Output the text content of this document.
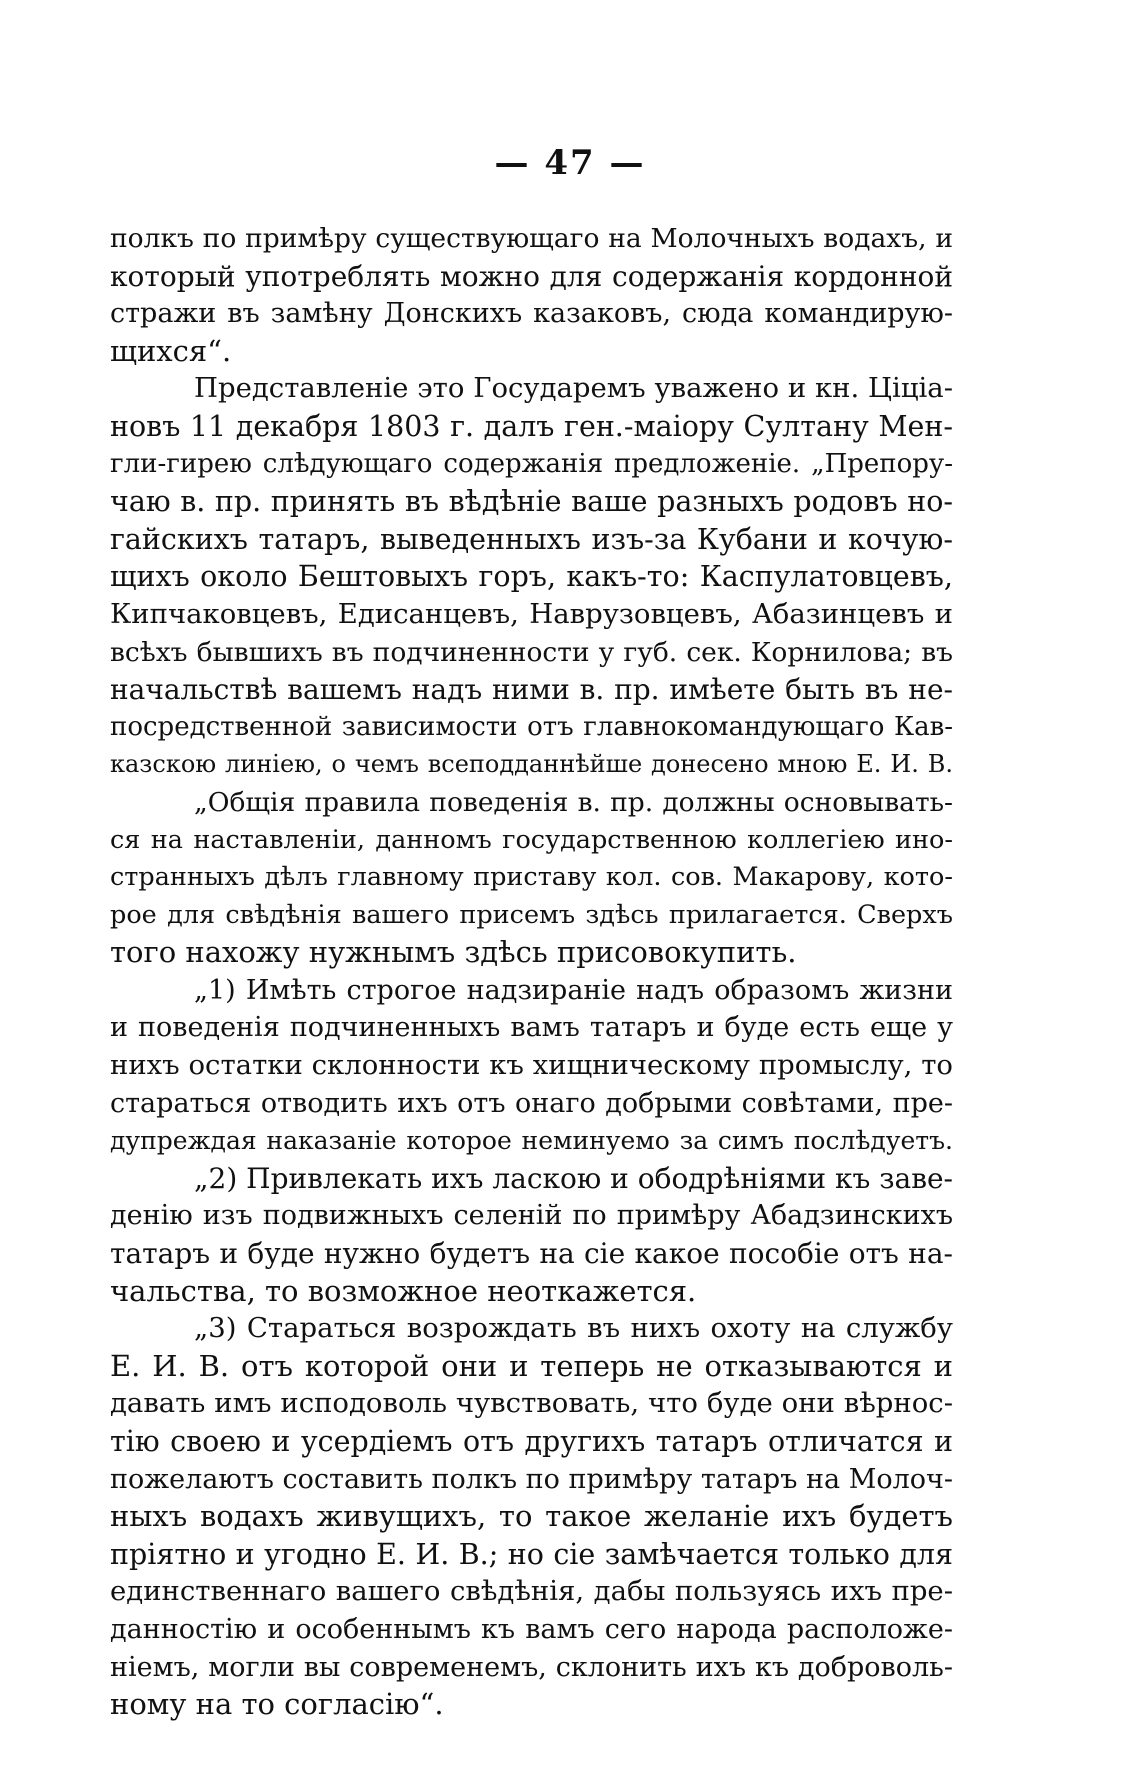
— 47 —
полкъ по примѣру существующаго на Молочныхъ водахъ, и
который употреблять можно для содержанія кордонной
стражи въ замѣну Донскихъ казаковъ, сюда командирую-
щихся“.
Представленіе это Государемъ уважено и кн. Ціціа-
новъ 11 декабря 1803 г. далъ ген.-маіору Султану Мен-
гли-гирею слѣдующаго содержанія предложеніе. „Препору-
чаю в. пр. принять въ вѣдѣніе ваше разныхъ родовъ но-
гайскихъ татаръ, выведенныхъ изъ-за Кубани и кочую-
щихъ около Бештовыхъ горъ, какъ-то: Каспулатовцевъ,
Кипчаковцевъ, Едисанцевъ, Наврузовцевъ, Абазинцевъ и
всѣхъ бывшихъ въ подчиненности у губ. сек. Корнилова; въ
начальствѣ вашемъ надъ ними в. пр. имѣете быть въ не-
посредственной зависимости отъ главнокомандующаго Кав-
казскою линіею, о чемъ всеподданнѣйше донесено мною Е. И. В.
„Общія правила поведенія в. пр. должны основывать-
ся на наставленіи, данномъ государственною коллегіею ино-
странныхъ дѣлъ главному приставу кол. сов. Макарову, кото-
рое для свѣдѣнія вашего присемъ здѣсь прилагается. Сверхъ
того нахожу нужнымъ здѣсь присовокупить.
„1) Имѣть строгое надзираніе надъ образомъ жизни
и поведенія подчиненныхъ вамъ татаръ и буде есть еще у
нихъ остатки склонности къ хищническому промыслу, то
стараться отводить ихъ отъ онаго добрыми совѣтами, пре-
дупреждая наказаніе которое неминуемо за симъ послѣдуетъ.
„2) Привлекать ихъ ласкою и ободрѣніями къ заве-
денію изъ подвижныхъ селеній по примѣру Абадзинскихъ
татаръ и буде нужно будетъ на сіе какое пособіе отъ на-
чальства, то возможное неоткажется.
„3) Стараться возрождать въ нихъ охоту на службу
Е. И. В. отъ которой они и теперь не отказываются и
давать имъ исподоволь чувствовать, что буде они вѣрнос-
тію своею и усердіемъ отъ другихъ татаръ отличатся и
пожелаютъ составить полкъ по примѣру татаръ на Молоч-
ныхъ водахъ живущихъ, то такое желаніе ихъ будетъ
пріятно и угодно Е. И. В.; но сіе замѣчается только для
единственнаго вашего свѣдѣнія, дабы пользуясь ихъ пре-
данностію и особеннымъ къ вамъ сего народа расположе-
ніемъ, могли вы современемъ, склонить ихъ къ доброволь-
ному на то согласію“.
